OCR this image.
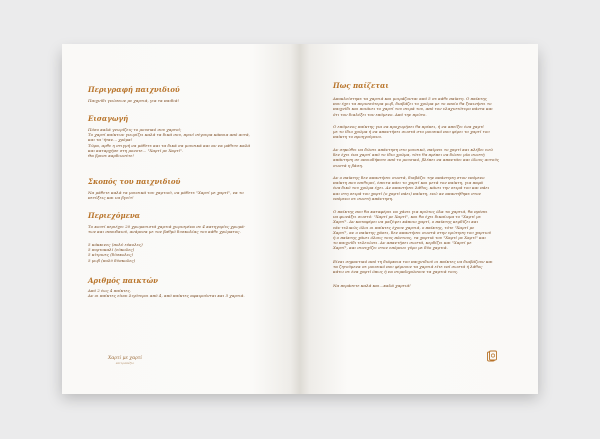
Περιγραφή παιχνιδιού
Παιχνίδι γνώσεων με χαρτιά, για τα παιδιά!
Εισαγωγή
Πόσο καλά γνωρίζεις το μουσικό σου χαρτοί;
Το χαρτί παίκτων γνωρίζει καλά τα δικά σου, πρινί σέγουρα κάποια από αυτά,
και τα 'ήταν... χρόμα!
Τώρα, αρθε η στιγμή να μάθετε και τα δικά σα μουσικά και αν να μάθετε καλά
και καταρχήσε στη μονοτε... "Χαρτί με Χαρτί".
Θα βρεσε καρδιωσέτε!
Σκοπός του παιχνιδιού
Να μάθετε καλά τα μουσικά του χαρτιού, να μάθετε "Χαρτί με χαρτί", να το
πετύξεις και να βγείτ!
Περιεχόμενα
Το κουτί περιέχει 20 χρωματιστά χαρτιά χωρισμένα σε 4 κατηγορίες χρωμά-
των και σπουδαιού, ανάμεσα με τον βαθμό δυσκολίας του κάθε χρώματος.
5 κόκκινες (πολύ εύκολες)
5 πορτοκαλί (εύκολες)
5 κίτρινες (δύσκολες)
5 μωβ (πολύ δύσκολες)
Αριθμός παικτών
Από 2 έως 4 παίκτες.
Αν οι παίκτες είναι λιγότεροι από 4, από παίκτες αφαιρούνται και 5 χαρτιά.
Χαρτί με χαρτί
επιτραπέζιο
Πως παίζεται
Αποκλείστηκε τα χαρτιά και μοιράζονται από 5 σε κάθε παίκτη. Ο παίκτης
που έχει τα περισσότερα μωβ, διαβάζει το χρώμα με το οποίο θα ξεκινήσει το
παιχνίδι και ποιάνει το χαρτί του σειρά του, από τον ελαχιστότερο πάντα και
ότι τον διαλέξει τον επόμενο. Από την πρώτο.
Ο επόμενος παίκτης για να προχωρήσει θα πρέπει, ή να απείξει ένα χαρτί
με το ίδιο χρώμα ή να απαντήσει σωστά στο μουσικό που φέρει το χαρτί του
παίκτη το προηγούμενο.
Αν σηκώθει να δώσει απάντηση στο μουσικό, παίρνει το χαρτί και κλέβει ενώ
δεν έχει ένα χαρτί από το ίδιο χρώμα, τότε θα πρέπει να δώσει μία σωστή
απάντηση σε οποιοδήποτε από το μουσικό, βλέπει να απαντάει και όλους αυτούς
σωστά η βάση.
Αν ο παίκτης δεν απαντήσει σωστά, διαβάζει την απάντηση στον επόμενο
παίκτη που επιθυμεί, έπειτα πάει το χαρτί και μετά τον παίκτη, για παρά
ένα δικό του χρώμα έχει. Αν απαντήσει λάθος, κάνει την σειρά του και πάει
και στη σειρά του χαρτί (ο χαρτί πάει) παίκτη, ενώ αν απαντήθηκε στον
επόμενο σε σωστή απάντηση.
Ο παίκτης που θα καταφέρει να χάνει για πρώτος όλα τα χαρτιά, θα πρέπει
να φωνάξει σωστό: "Χαρτί με Χαρτί", και θα έχει δικαίωμα το "Χαρτί με
Χαρτί". Αν καταφέρει να μαζέψει κάποιο χαρτί, ο παίκτης κερδίζει και
εάν τελικώς όλοι οι παίκτες έχουν χαρτιά, ο παίκτης, τότε "Χαρτί με
Χαρτί", αν ο παίκτης χάσει, δεν απαντήσει σωστά στην ερώτηση του χαρτιού
ή ο παίκτης χάνει όλους τους πόντους, τα χαρτιά του "Χαρτί με Χαρτί" και
το παιχνίδι τελειώνει. Αν απαντήσει σωστά, κερδίζει και "Χαρτί με
Χαρτί", και συνεχίζει στον επόμενο γύρο με δύο χαρτιά.
Είναι σημαντικό από τη διάρκεια του παιχνιδιού οι παίκτες να διαβάζουν και
τα ζητούμενα σε μουσικό που φέρνουν τα χαρτιά είτε επί σωστά ή λάθος
κάτω σε ένα χαρτί όπως ή να συμπληρώσουν τα χαρτιά τους.
Να περάσετε καλά και...καλά χαρτιά!
